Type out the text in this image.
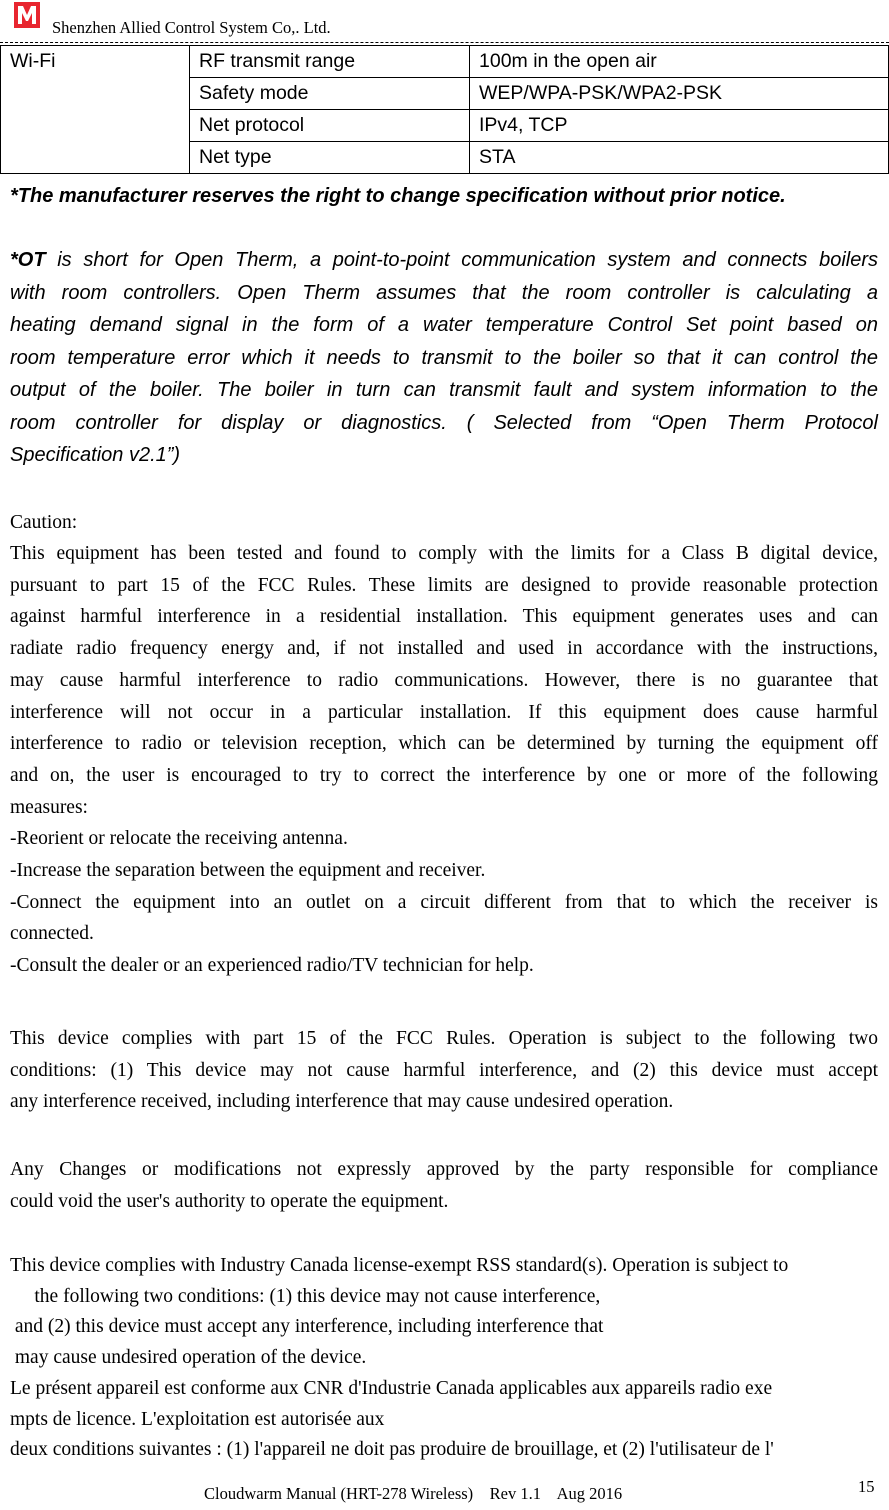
Shenzhen Allied Control System Co,. Ltd.
Wi-Fi	RF transmit range	100m in the open air
	Safety mode	WEP/WPA-PSK/WPA2-PSK
	Net protocol	IPv4, TCP
	Net type	STA
*The manufacturer reserves the right to change specification without prior notice.
*OT is short for Open Therm, a point-to-point communication system and connects boilers
with room controllers. Open Therm assumes that the room controller is calculating a
heating demand signal in the form of a water temperature Control Set point based on
room temperature error which it needs to transmit to the boiler so that it can control the
output of the boiler. The boiler in turn can transmit fault and system information to the
room controller for display or diagnostics. ( Selected from “Open Therm Protocol
Specification v2.1”)
Caution:
This equipment has been tested and found to comply with the limits for a Class B digital device,
pursuant to part 15 of the FCC Rules. These limits are designed to provide reasonable protection
against harmful interference in a residential installation. This equipment generates uses and can
radiate radio frequency energy and, if not installed and used in accordance with the instructions,
may cause harmful interference to radio communications. However, there is no guarantee that
interference will not occur in a particular installation. If this equipment does cause harmful
interference to radio or television reception, which can be determined by turning the equipment off
and on, the user is encouraged to try to correct the interference by one or more of the following
measures:
-Reorient or relocate the receiving antenna.
-Increase the separation between the equipment and receiver.
-Connect the equipment into an outlet on a circuit different from that to which the receiver is
connected.
-Consult the dealer or an experienced radio/TV technician for help.
This device complies with part 15 of the FCC Rules. Operation is subject to the following two
conditions: (1) This device may not cause harmful interference, and (2) this device must accept
any interference received, including interference that may cause undesired operation.
Any Changes or modifications not expressly approved by the party responsible for compliance
could void the user's authority to operate the equipment.
This device complies with Industry Canada license-exempt RSS standard(s). Operation is subject to
the following two conditions: (1) this device may not cause interference,
and (2) this device must accept any interference, including interference that
may cause undesired operation of the device.
Le présent appareil est conforme aux CNR d'Industrie Canada applicables aux appareils radio exe
mpts de licence. L'exploitation est autorisée aux
deux conditions suivantes : (1) l'appareil ne doit pas produire de brouillage, et (2) l'utilisateur de l'
Cloudwarm Manual (HRT-278 Wireless)    Rev 1.1    Aug 2016	15
